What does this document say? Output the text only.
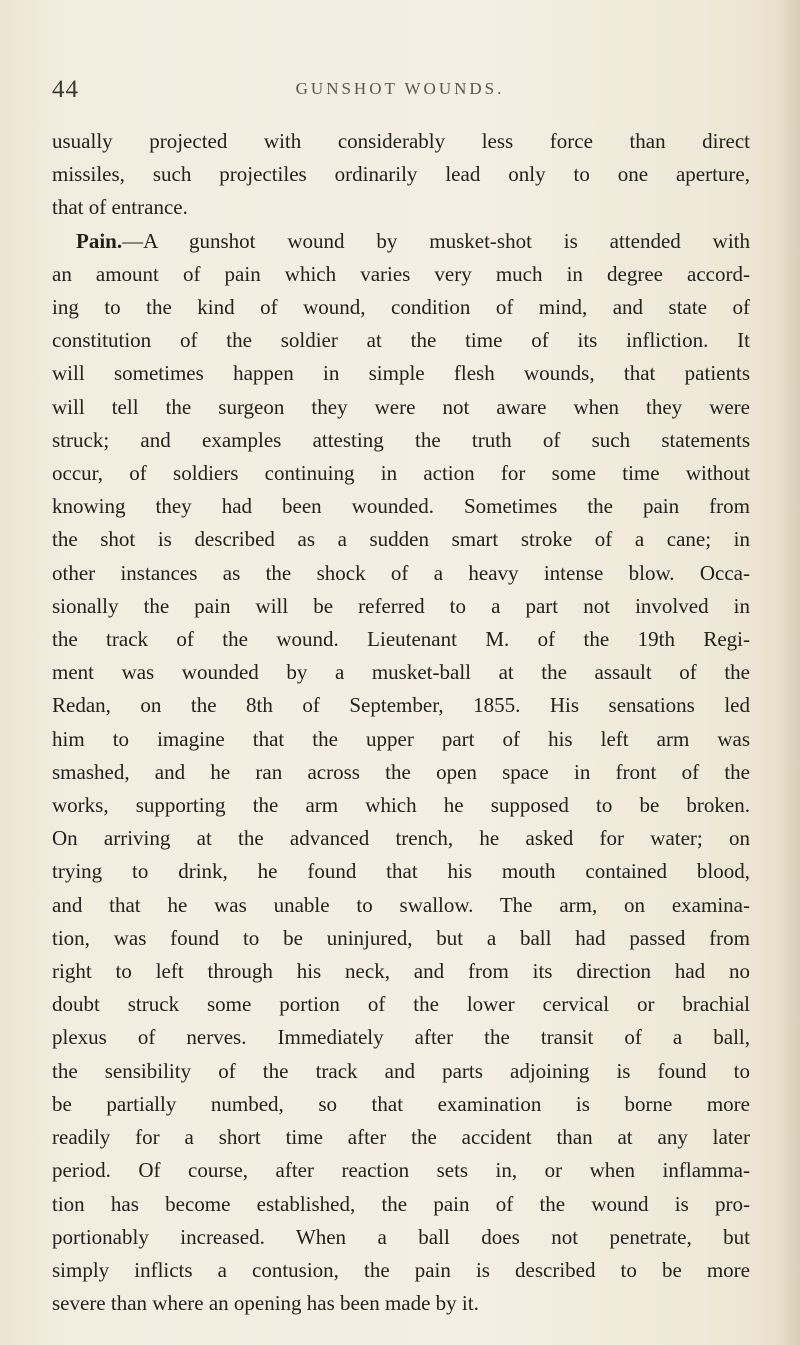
44	GUNSHOT WOUNDS.
usually projected with considerably less force than direct
missiles, such projectiles ordinarily lead only to one aperture,
that of entrance.
Pain.—A gunshot wound by musket-shot is attended with
an amount of pain which varies very much in degree accord-
ing to the kind of wound, condition of mind, and state of
constitution of the soldier at the time of its infliction. It
will sometimes happen in simple flesh wounds, that patients
will tell the surgeon they were not aware when they were
struck; and examples attesting the truth of such statements
occur, of soldiers continuing in action for some time without
knowing they had been wounded. Sometimes the pain from
the shot is described as a sudden smart stroke of a cane; in
other instances as the shock of a heavy intense blow. Occa-
sionally the pain will be referred to a part not involved in
the track of the wound. Lieutenant M. of the 19th Regi-
ment was wounded by a musket-ball at the assault of the
Redan, on the 8th of September, 1855. His sensations led
him to imagine that the upper part of his left arm was
smashed, and he ran across the open space in front of the
works, supporting the arm which he supposed to be broken.
On arriving at the advanced trench, he asked for water; on
trying to drink, he found that his mouth contained blood,
and that he was unable to swallow. The arm, on examina-
tion, was found to be uninjured, but a ball had passed from
right to left through his neck, and from its direction had no
doubt struck some portion of the lower cervical or brachial
plexus of nerves. Immediately after the transit of a ball,
the sensibility of the track and parts adjoining is found to
be partially numbed, so that examination is borne more
readily for a short time after the accident than at any later
period. Of course, after reaction sets in, or when inflamma-
tion has become established, the pain of the wound is pro-
portionably increased. When a ball does not penetrate, but
simply inflicts a contusion, the pain is described to be more
severe than where an opening has been made by it.
